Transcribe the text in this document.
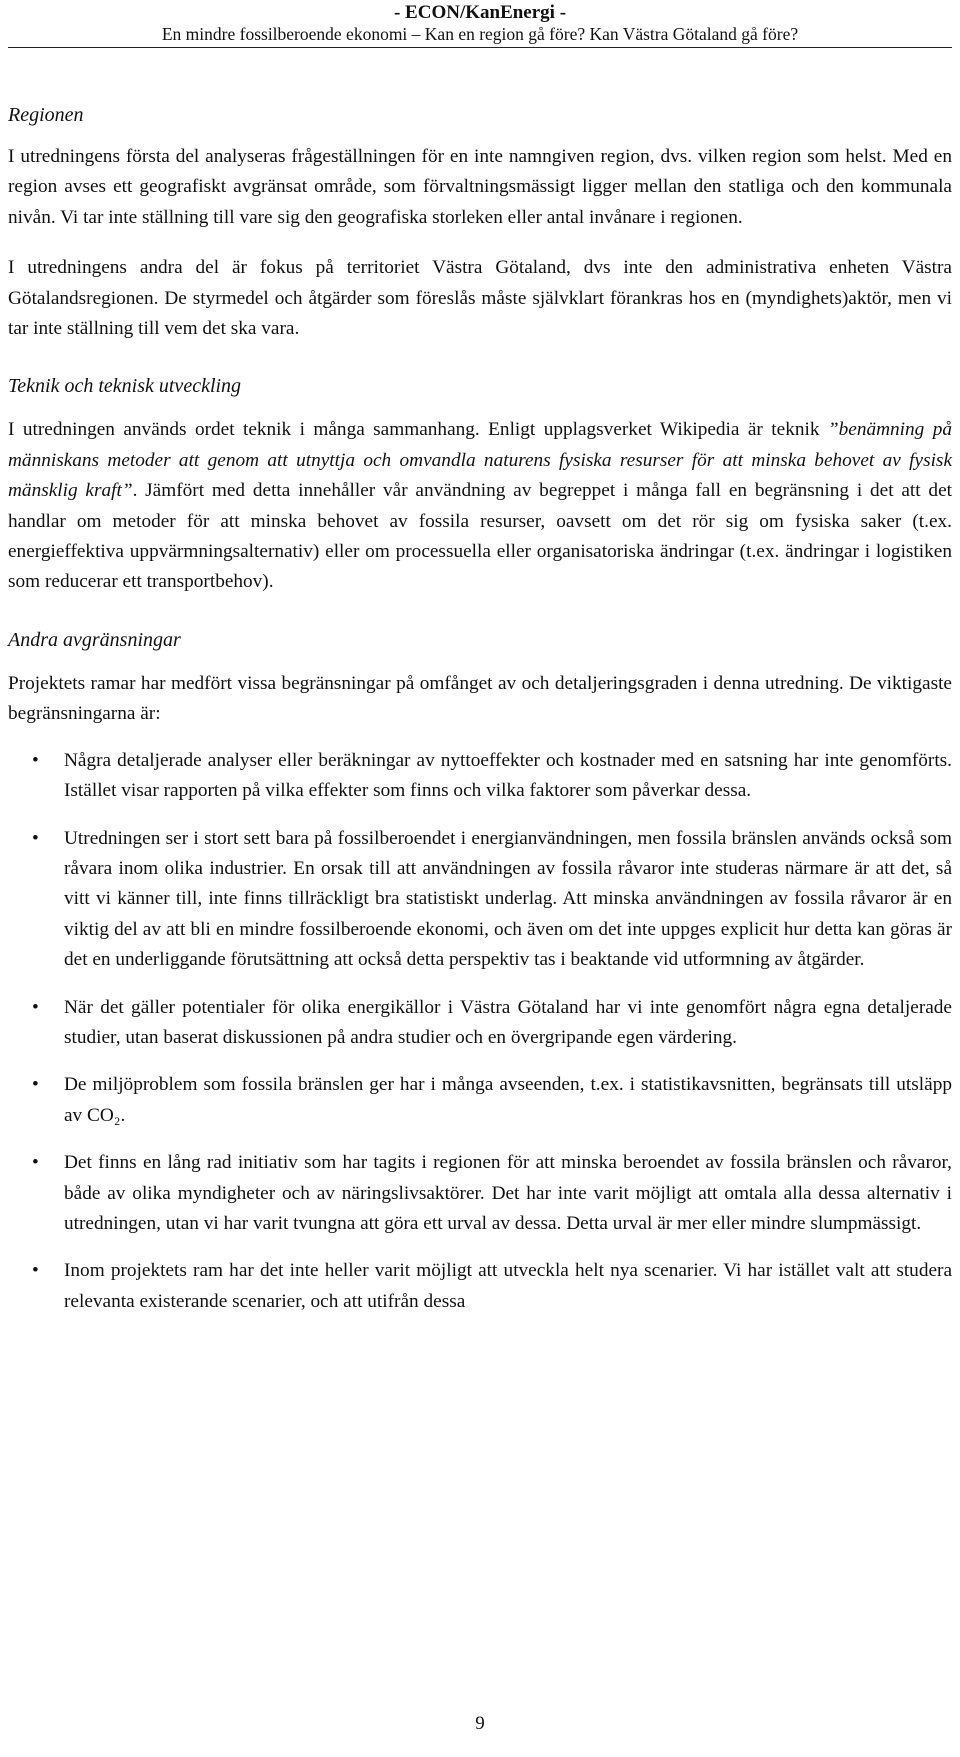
- ECON/KanEnergi -
En mindre fossilberoende ekonomi – Kan en region gå före? Kan Västra Götaland gå före?
Regionen

I utredningens första del analyseras frågeställningen för en inte namngiven region, dvs. vilken region som helst. Med en region avses ett geografiskt avgränsat område, som förvaltningsmässigt ligger mellan den statliga och den kommunala nivån. Vi tar inte ställning till vare sig den geografiska storleken eller antal invånare i regionen.

I utredningens andra del är fokus på territoriet Västra Götaland, dvs inte den administrativa enheten Västra Götalandsregionen. De styrmedel och åtgärder som föreslås måste självklart förankras hos en (myndighets)aktör, men vi tar inte ställning till vem det ska vara.

Teknik och teknisk utveckling

I utredningen används ordet teknik i många sammanhang. Enligt upplagsverket Wikipedia är teknik ”benämning på människans metoder att genom att utnyttja och omvandla naturens fysiska resurser för att minska behovet av fysisk mänsklig kraft”. Jämfört med detta innehåller vår användning av begreppet i många fall en begränsning i det att det handlar om metoder för att minska behovet av fossila resurser, oavsett om det rör sig om fysiska saker (t.ex. energieffektiva uppvärmningsalternativ) eller om processuella eller organisatoriska ändringar (t.ex. ändringar i logistiken som reducerar ett transportbehov).

Andra avgränsningar

Projektets ramar har medfört vissa begränsningar på omfånget av och detaljeringsgraden i denna utredning. De viktigaste begränsningarna är:

• Några detaljerade analyser eller beräkningar av nyttoeffekter och kostnader med en satsning har inte genomförts. Istället visar rapporten på vilka effekter som finns och vilka faktorer som påverkar dessa.
• Utredningen ser i stort sett bara på fossilberoendet i energianvändningen, men fossila bränslen används också som råvara inom olika industrier. En orsak till att användningen av fossila råvaror inte studeras närmare är att det, så vitt vi känner till, inte finns tillräckligt bra statistiskt underlag. Att minska användningen av fossila råvaror är en viktig del av att bli en mindre fossilberoende ekonomi, och även om det inte uppges explicit hur detta kan göras är det en underliggande förutsättning att också detta perspektiv tas i beaktande vid utformning av åtgärder.
• När det gäller potentialer för olika energikällor i Västra Götaland har vi inte genomfört några egna detaljerade studier, utan baserat diskussionen på andra studier och en övergripande egen värdering.
• De miljöproblem som fossila bränslen ger har i många avseenden, t.ex. i statistikavsnitten, begränsats till utsläpp av CO₂.
• Det finns en lång rad initiativ som har tagits i regionen för att minska beroendet av fossila bränslen och råvaror, både av olika myndigheter och av näringslivsaktörer. Det har inte varit möjligt att omtala alla dessa alternativ i utredningen, utan vi har varit tvungna att göra ett urval av dessa. Detta urval är mer eller mindre slumpmässigt.
• Inom projektets ram har det inte heller varit möjligt att utveckla helt nya scenarier. Vi har istället valt att studera relevanta existerande scenarier, och att utifrån dessa
9
